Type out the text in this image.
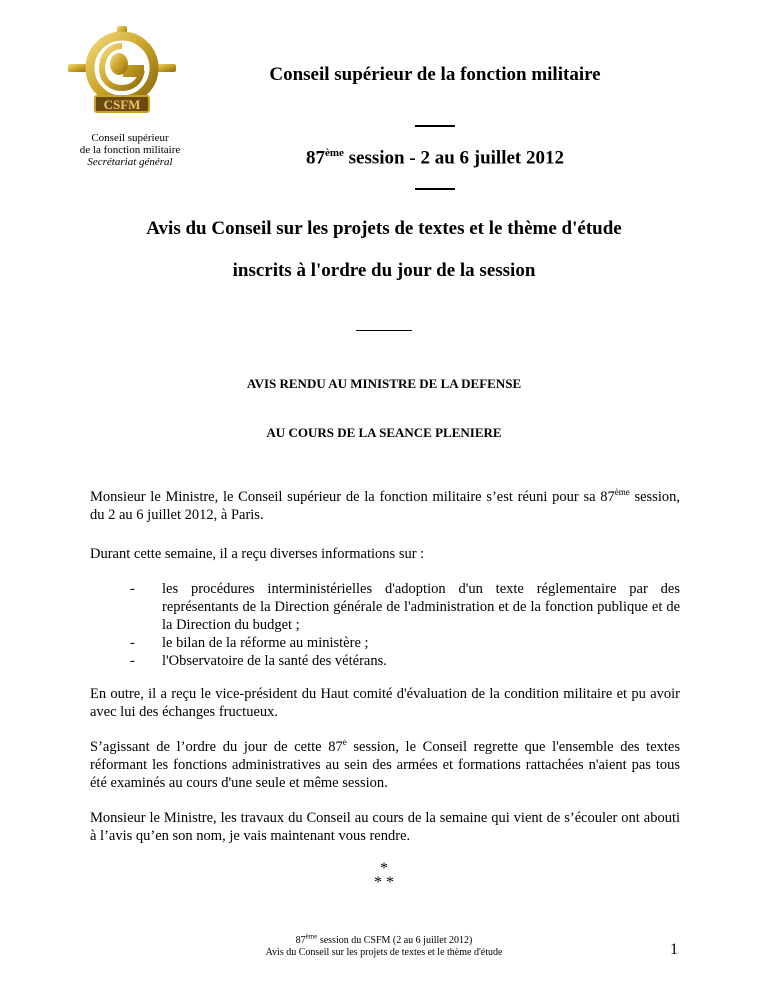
CSFM
Conseil supérieur
de la fonction militaire
Secrétariat général
Conseil supérieur de la fonction militaire
87ème session - 2 au 6 juillet 2012
Avis du Conseil sur les projets de textes et le thème d'étude
inscrits à l'ordre du jour de la session
AVIS RENDU AU MINISTRE DE LA DEFENSE
AU COURS DE LA SEANCE PLENIERE
Monsieur le Ministre, le Conseil supérieur de la fonction militaire s’est réuni pour sa 87ème session, du 2 au 6 juillet 2012, à Paris.
Durant cette semaine, il a reçu diverses informations sur :
- les procédures interministérielles d'adoption d'un texte réglementaire par des représentants de la Direction générale de l'administration et de la fonction publique et de la Direction du budget ;
- le bilan de la réforme au ministère ;
- l'Observatoire de la santé des vétérans.
En outre, il a reçu le vice-président du Haut comité d'évaluation de la condition militaire et pu avoir avec lui des échanges fructueux.
S’agissant de l’ordre du jour de cette 87e session, le Conseil regrette que l'ensemble des textes réformant les fonctions administratives au sein des armées et formations rattachées n'aient pas tous été examinés au cours d'une seule et même session.
Monsieur le Ministre, les travaux du Conseil au cours de la semaine qui vient de s’écouler ont abouti à l’avis qu’en son nom, je vais maintenant vous rendre.
*
* *
87ème session du CSFM (2 au 6 juillet 2012)
Avis du Conseil sur les projets de textes et le thème d'étude	1
